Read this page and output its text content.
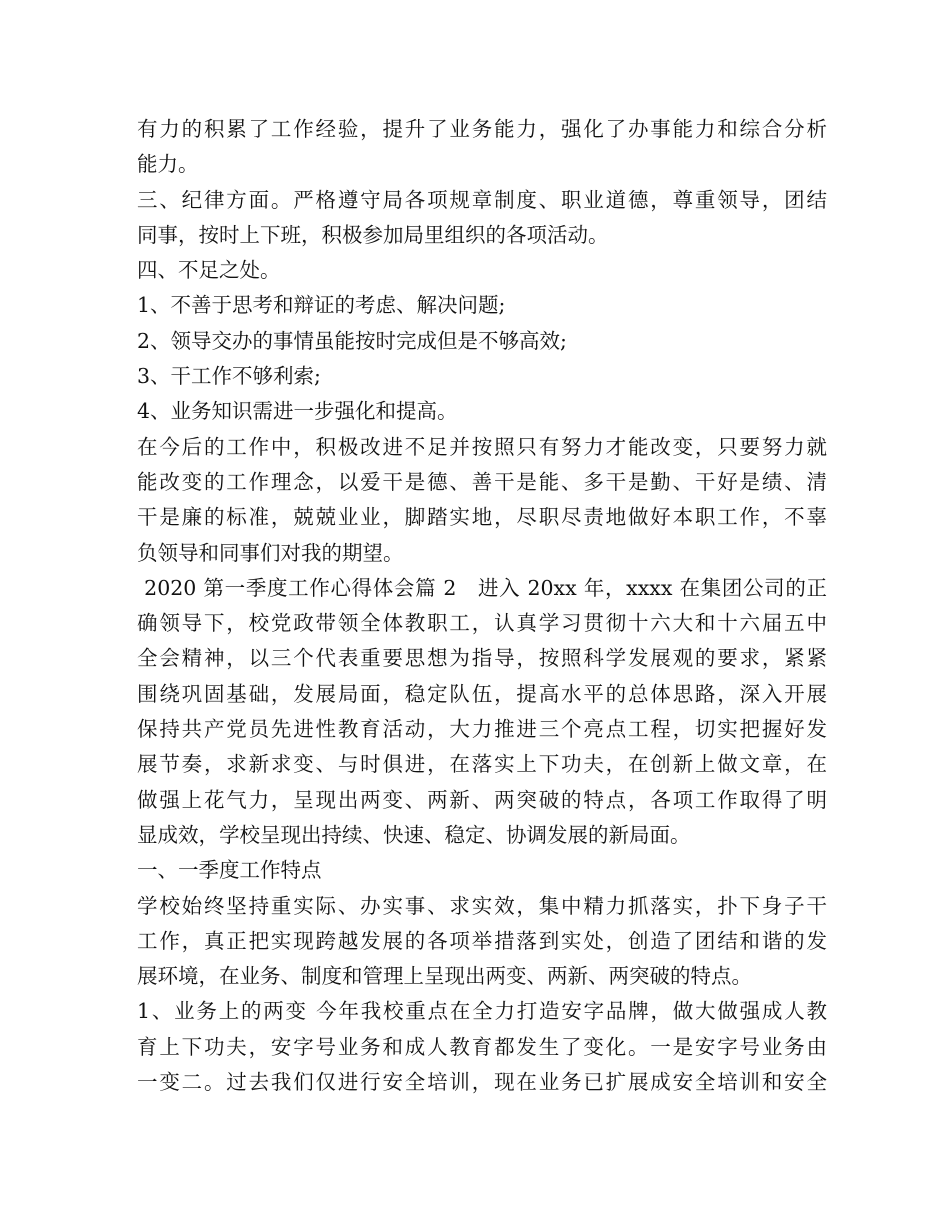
有力的积累了工作经验，提升了业务能力，强化了办事能力和综合分析

能力。

三、纪律方面。严格遵守局各项规章制度、职业道德，尊重领导，团结

同事，按时上下班，积极参加局里组织的各项活动。

四、不足之处。

1、不善于思考和辩证的考虑、解决问题;

2、领导交办的事情虽能按时完成但是不够高效;

3、干工作不够利索;

4、业务知识需进一步强化和提高。

在今后的工作中，积极改进不足并按照只有努力才能改变，只要努力就

能改变的工作理念，以爱干是德、善干是能、多干是勤、干好是绩、清

干是廉的标准，兢兢业业，脚踏实地，尽职尽责地做好本职工作，不辜

负领导和同事们对我的期望。

2020 第一季度工作心得体会篇 2   进入 20xx 年，xxxx 在集团公司的正

确领导下，校党政带领全体教职工，认真学习贯彻十六大和十六届五中

全会精神，以三个代表重要思想为指导，按照科学发展观的要求，紧紧

围绕巩固基础，发展局面，稳定队伍，提高水平的总体思路，深入开展

保持共产党员先进性教育活动，大力推进三个亮点工程，切实把握好发

展节奏，求新求变、与时俱进，在落实上下功夫，在创新上做文章，在

做强上花气力，呈现出两变、两新、两突破的特点，各项工作取得了明

显成效，学校呈现出持续、快速、稳定、协调发展的新局面。

一、一季度工作特点

学校始终坚持重实际、办实事、求实效，集中精力抓落实，扑下身子干

工作，真正把实现跨越发展的各项举措落到实处，创造了团结和谐的发

展环境，在业务、制度和管理上呈现出两变、两新、两突破的特点。

1、业务上的两变 今年我校重点在全力打造安字品牌，做大做强成人教

育上下功夫，安字号业务和成人教育都发生了变化。一是安字号业务由

一变二。过去我们仅进行安全培训，现在业务已扩展成安全培训和安全
